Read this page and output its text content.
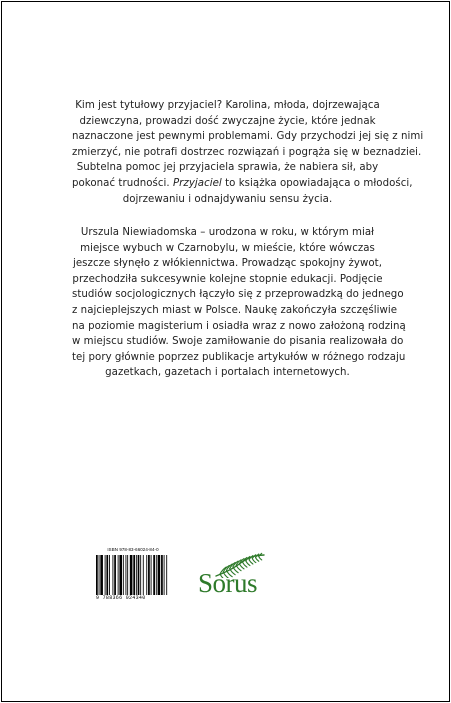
Kim jest tytułowy przyjaciel? Karolina, młoda, dojrzewająca
dziewczyna, prowadzi dość zwyczajne życie, które jednak
naznaczone jest pewnymi problemami. Gdy przychodzi jej się z nimi
zmierzyć, nie potrafi dostrzec rozwiązań i pogrąża się w beznadziei.
Subtelna pomoc jej przyjaciela sprawia, że nabiera sił, aby
pokonać trudności. Przyjaciel to książka opowiadająca o młodości,
dojrzewaniu i odnajdywaniu sensu życia.
Urszula Niewiadomska – urodzona w roku, w którym miał
miejsce wybuch w Czarnobylu, w mieście, które wówczas
jeszcze słynęło z włókiennictwa. Prowadząc spokojny żywot,
przechodziła sukcesywnie kolejne stopnie edukacji. Podjęcie
studiów socjologicznych łączyło się z przeprowadzką do jednego
z najcieplejszych miast w Polsce. Naukę zakończyła szczęśliwie
na poziomie magisterium i osiadła wraz z nowo założoną rodziną
w miejscu studiów. Swoje zamiłowanie do pisania realizowała do
tej pory głównie poprzez publikacje artykułów w różnego rodzaju
gazetkach, gazetach i portalach internetowych.
ISBN 978-83-66024-84-0
9 788366 024340	Sorus
